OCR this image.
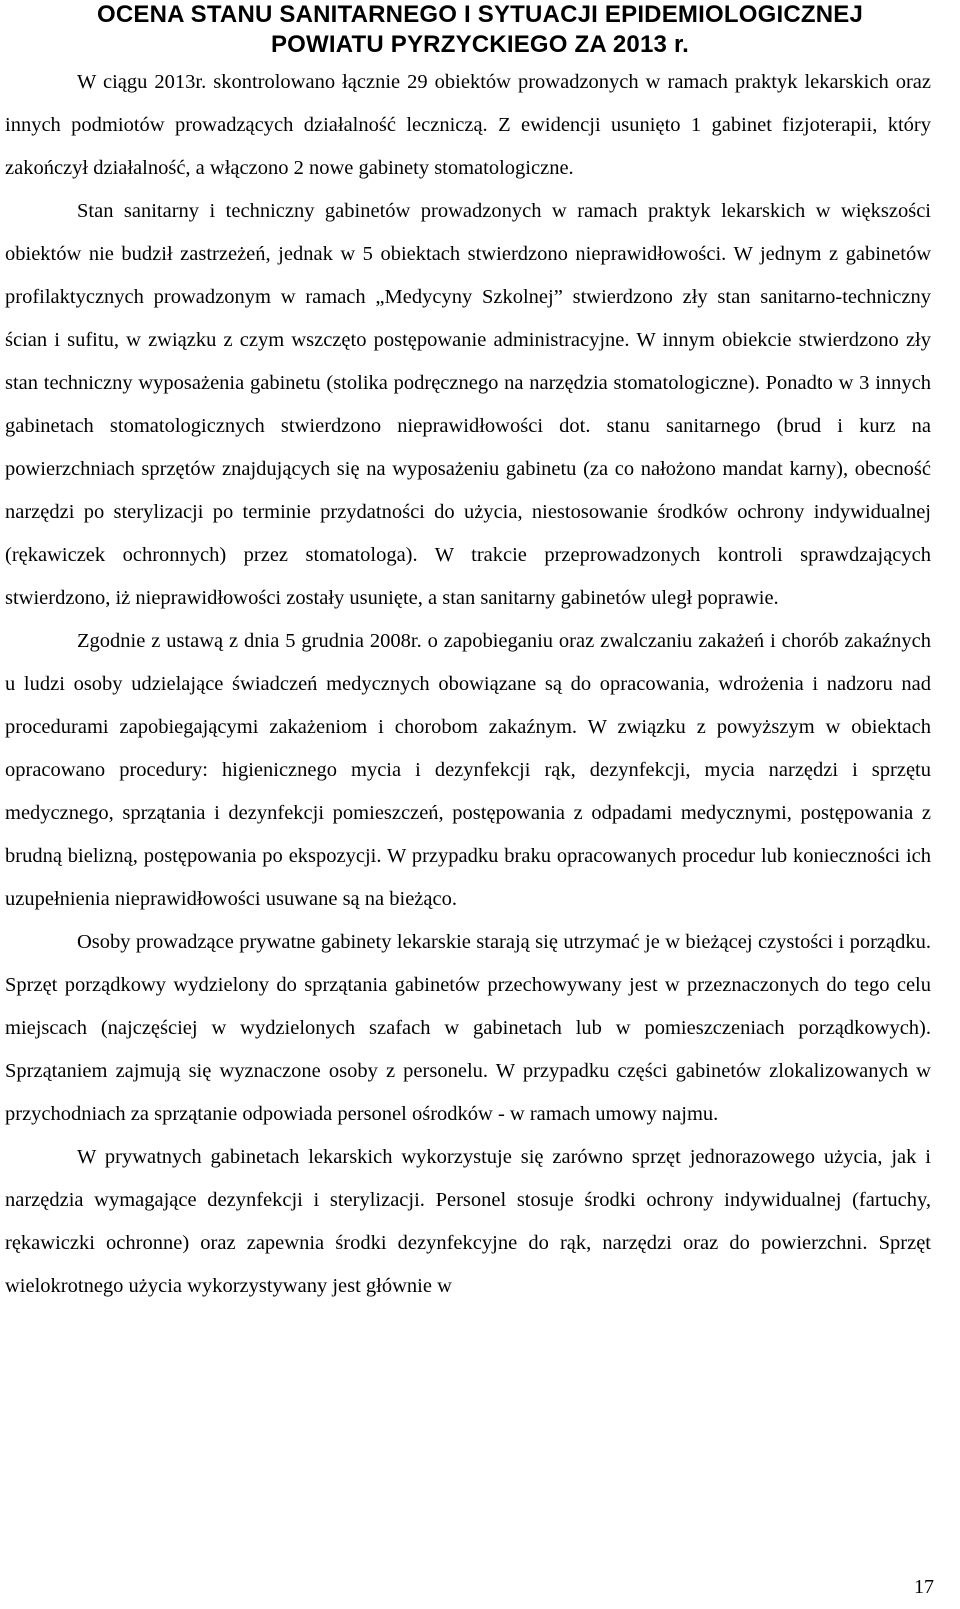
OCENA STANU SANITARNEGO I SYTUACJI EPIDEMIOLOGICZNEJ
POWIATU PYRZYCKIEGO ZA 2013 r.

W ciągu 2013r. skontrolowano łącznie 29 obiektów prowadzonych w ramach praktyk lekarskich oraz innych podmiotów prowadzących działalność leczniczą. Z ewidencji usunięto 1 gabinet fizjoterapii, który zakończył działalność, a włączono 2 nowe gabinety stomatologiczne.

Stan sanitarny i techniczny gabinetów prowadzonych w ramach praktyk lekarskich w większości obiektów nie budził zastrzeżeń, jednak w 5 obiektach stwierdzono nieprawidłowości. W jednym z gabinetów profilaktycznych prowadzonym w ramach „Medycyny Szkolnej” stwierdzono zły stan sanitarno-techniczny ścian i sufitu, w związku z czym wszczęto postępowanie administracyjne. W innym obiekcie stwierdzono zły stan techniczny wyposażenia gabinetu (stolika podręcznego na narzędzia stomatologiczne). Ponadto w 3 innych gabinetach stomatologicznych stwierdzono nieprawidłowości dot. stanu sanitarnego (brud i kurz na powierzchniach sprzętów znajdujących się na wyposażeniu gabinetu (za co nałożono mandat karny), obecność narzędzi po sterylizacji po terminie przydatności do użycia, niestosowanie środków ochrony indywidualnej (rękawiczek ochronnych) przez stomatologa). W trakcie przeprowadzonych kontroli sprawdzających stwierdzono, iż nieprawidłowości zostały usunięte, a stan sanitarny gabinetów uległ poprawie.

Zgodnie z ustawą z dnia 5 grudnia 2008r. o zapobieganiu oraz zwalczaniu zakażeń i chorób zakaźnych u ludzi osoby udzielające świadczeń medycznych obowiązane są do opracowania, wdrożenia i nadzoru nad procedurami zapobiegającymi zakażeniom i chorobom zakaźnym. W związku z powyższym w obiektach opracowano procedury: higienicznego mycia i dezynfekcji rąk, dezynfekcji, mycia narzędzi i sprzętu medycznego, sprzątania i dezynfekcji pomieszczeń, postępowania z odpadami medycznymi, postępowania z brudną bielizną, postępowania po ekspozycji. W przypadku braku opracowanych procedur lub konieczności ich uzupełnienia nieprawidłowości usuwane są na bieżąco.

Osoby prowadzące prywatne gabinety lekarskie starają się utrzymać je w bieżącej czystości i porządku. Sprzęt porządkowy wydzielony do sprzątania gabinetów przechowywany jest w przeznaczonych do tego celu miejscach (najczęściej w wydzielonych szafach w gabinetach lub w pomieszczeniach porządkowych). Sprzątaniem zajmują się wyznaczone osoby z personelu. W przypadku części gabinetów zlokalizowanych w przychodniach za sprzątanie odpowiada personel ośrodków - w ramach umowy najmu.

W prywatnych gabinetach lekarskich wykorzystuje się zarówno sprzęt jednorazowego użycia, jak i narzędzia wymagające dezynfekcji i sterylizacji. Personel stosuje środki ochrony indywidualnej (fartuchy, rękawiczki ochronne) oraz zapewnia środki dezynfekcyjne do rąk, narzędzi oraz do powierzchni. Sprzęt wielokrotnego użycia wykorzystywany jest głównie w

17
